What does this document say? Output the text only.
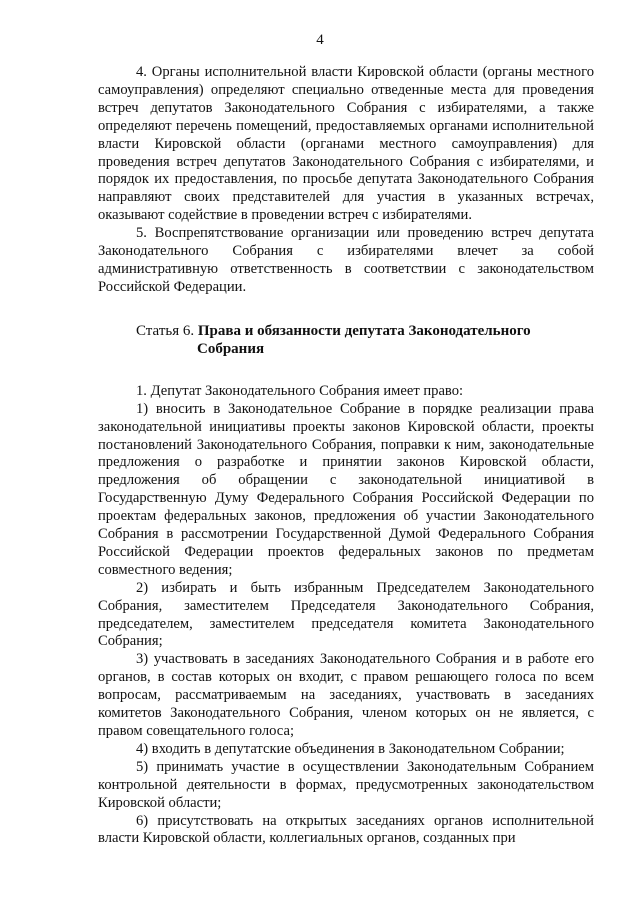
4

4. Органы исполнительной власти Кировской области (органы местного самоуправления) определяют специально отведенные места для проведения встреч депутатов Законодательного Собрания с избирателями, а также определяют перечень помещений, предоставляемых органами исполнительной власти Кировской области (органами местного самоуправления) для проведения встреч депутатов Законодательного Собрания с избирателями, и порядок их предоставления, по просьбе депутата Законодательного Собрания направляют своих представителей для участия в указанных встречах, оказывают содействие в проведении встреч с избирателями.

5. Воспрепятствование организации или проведению встреч депутата Законодательного Собрания с избирателями влечет за собой административную ответственность в соответствии с законодательством Российской Федерации.

Статья 6. Права и обязанности депутата Законодательного
Собрания

1. Депутат Законодательного Собрания имеет право:

1) вносить в Законодательное Собрание в порядке реализации права законодательной инициативы проекты законов Кировской области, проекты постановлений Законодательного Собрания, поправки к ним, законодательные предложения о разработке и принятии законов Кировской области, предложения об обращении с законодательной инициативой в Государственную Думу Федерального Собрания Российской Федерации по проектам федеральных законов, предложения об участии Законодательного Собрания в рассмотрении Государственной Думой Федерального Собрания Российской Федерации проектов федеральных законов по предметам совместного ведения;

2) избирать и быть избранным Председателем Законодательного Собрания, заместителем Председателя Законодательного Собрания, председателем, заместителем председателя комитета Законодательного Собрания;

3) участвовать в заседаниях Законодательного Собрания и в работе его органов, в состав которых он входит, с правом решающего голоса по всем вопросам, рассматриваемым на заседаниях, участвовать в заседаниях комитетов Законодательного Собрания, членом которых он не является, с правом совещательного голоса;

4) входить в депутатские объединения в Законодательном Собрании;

5) принимать участие в осуществлении Законодательным Собранием контрольной деятельности в формах, предусмотренных законодательством Кировской области;

6) присутствовать на открытых заседаниях органов исполнительной власти Кировской области, коллегиальных органов, созданных при
